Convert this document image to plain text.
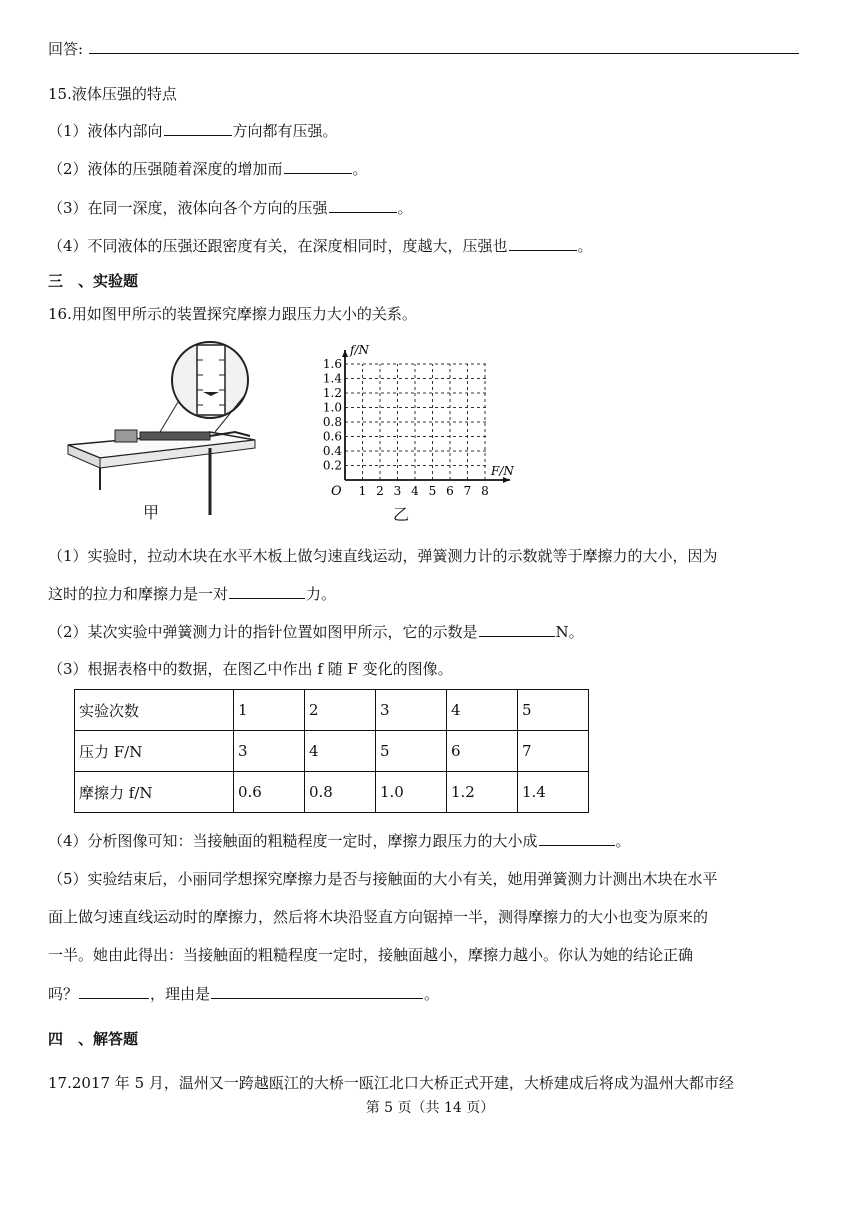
回答:
15.液体压强的特点
（1）液体内部向	方向都有压强。
（2）液体的压强随着深度的增加而	。
（3）在同一深度，液体向各个方向的压强	。
（4）不同液体的压强还跟密度有关，在深度相同时，度越大，压强也	。
三　、实验题
16.用如图甲所示的装置探究摩擦力跟压力大小的关系。
甲
1.6
1.4
1.2
1.0
0.8
0.6
0.4
0.2
1 2 3 4 5 6 7 8
O
f/N
F/N
乙
（1）实验时，拉动木块在水平木板上做匀速直线运动，弹簧测力计的示数就等于摩擦力的大小，因为
这时的拉力和摩擦力是一对	力。
（2）某次实验中弹簧测力计的指针位置如图甲所示，它的示数是	N。
（3）根据表格中的数据，在图乙中作出 f 随 F 变化的图像。
实验次数	1	2	3	4	5
压力 F/N	3	4	5	6	7
摩擦力 f/N	0.6	0.8	1.0	1.2	1.4
（4）分析图像可知：当接触面的粗糙程度一定时，摩擦力跟压力的大小成	。
（5）实验结束后，小丽同学想探究摩擦力是否与接触面的大小有关，她用弹簧测力计测出木块在水平
面上做匀速直线运动时的摩擦力，然后将木块沿竖直方向锯掉一半，测得摩擦力的大小也变为原来的
一半。她由此得出：当接触面的粗糙程度一定时，接触面越小，摩擦力越小。你认为她的结论正确
吗？	，理由是	。
四　、解答题
17.2017 年 5 月，温州又一跨越瓯江的大桥一瓯江北口大桥正式开建，大桥建成后将成为温州大都市经
第 5 页（共 14 页）
